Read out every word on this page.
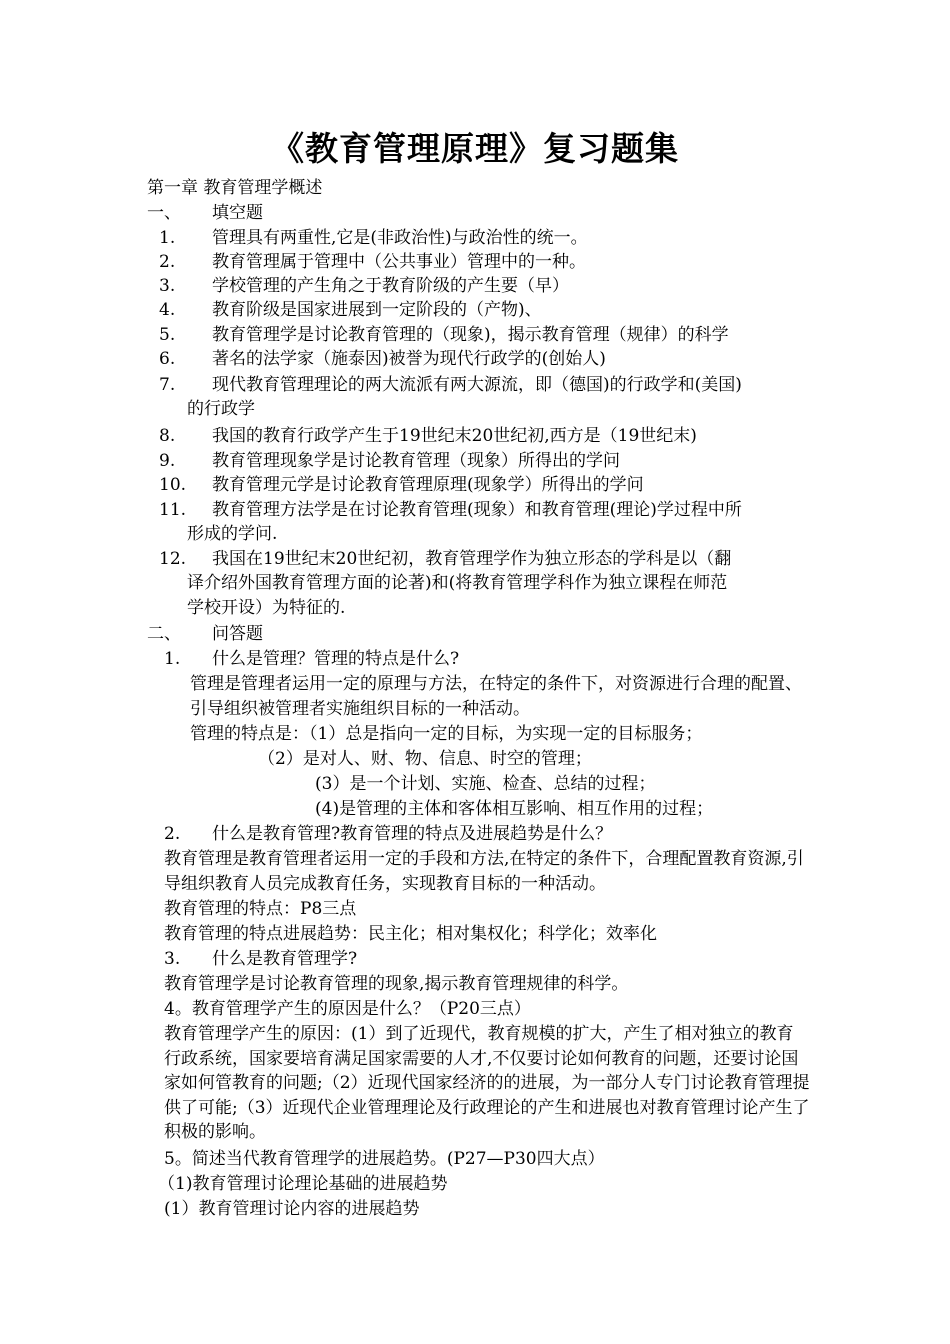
《教育管理原理》复习题集
第一章 教育管理学概述
一、 填空题
1. 管理具有两重性,它是(非政治性)与政治性的统一。
2. 教育管理属于管理中（公共事业）管理中的一种。
3. 学校管理的产生角之于教育阶级的产生要（早）
4. 教育阶级是国家进展到一定阶段的（产物)、
5. 教育管理学是讨论教育管理的（现象)，揭示教育管理（规律）的科学
6. 著名的法学家（施泰因)被誉为现代行政学的(创始人)
7. 现代教育管理理论的两大流派有两大源流，即（德国)的行政学和(美国)
的行政学
8. 我国的教育行政学产生于19世纪末20世纪初,西方是（19世纪末)
9. 教育管理现象学是讨论教育管理（现象）所得出的学问
10. 教育管理元学是讨论教育管理原理(现象学）所得出的学问
11. 教育管理方法学是在讨论教育管理(现象）和教育管理(理论)学过程中所
形成的学问.
12. 我国在19世纪末20世纪初，教育管理学作为独立形态的学科是以（翻
译介绍外国教育管理方面的论著)和(将教育管理学科作为独立课程在师范
学校开设）为特征的.
二、 问答题
1. 什么是管理？管理的特点是什么?
管理是管理者运用一定的原理与方法，在特定的条件下，对资源进行合理的配置、引导组织被管理者实施组织目标的一种活动。
管理的特点是：（1）总是指向一定的目标，为实现一定的目标服务；
（2）是对人、财、物、信息、时空的管理；
(3）是一个计划、实施、检查、总结的过程；
(4)是管理的主体和客体相互影响、相互作用的过程；
2. 什么是教育管理?教育管理的特点及进展趋势是什么？
教育管理是教育管理者运用一定的手段和方法,在特定的条件下，合理配置教育资源,引导组织教育人员完成教育任务，实现教育目标的一种活动。
教育管理的特点：P8三点
教育管理的特点进展趋势：民主化；相对集权化；科学化；效率化
3. 什么是教育管理学?
教育管理学是讨论教育管理的现象,揭示教育管理规律的科学。
4。教育管理学产生的原因是什么？（P20三点）
教育管理学产生的原因：(1）到了近现代，教育规模的扩大，产生了相对独立的教育行政系统，国家要培育满足国家需要的人才,不仅要讨论如何教育的问题，还要讨论国家如何管教育的问题;（2）近现代国家经济的的进展，为一部分人专门讨论教育管理提供了可能;（3）近现代企业管理理论及行政理论的产生和进展也对教育管理讨论产生了积极的影响。
5。简述当代教育管理学的进展趋势。(P27—P30四大点）
（1)教育管理讨论理论基础的进展趋势
(1）教育管理讨论内容的进展趋势
